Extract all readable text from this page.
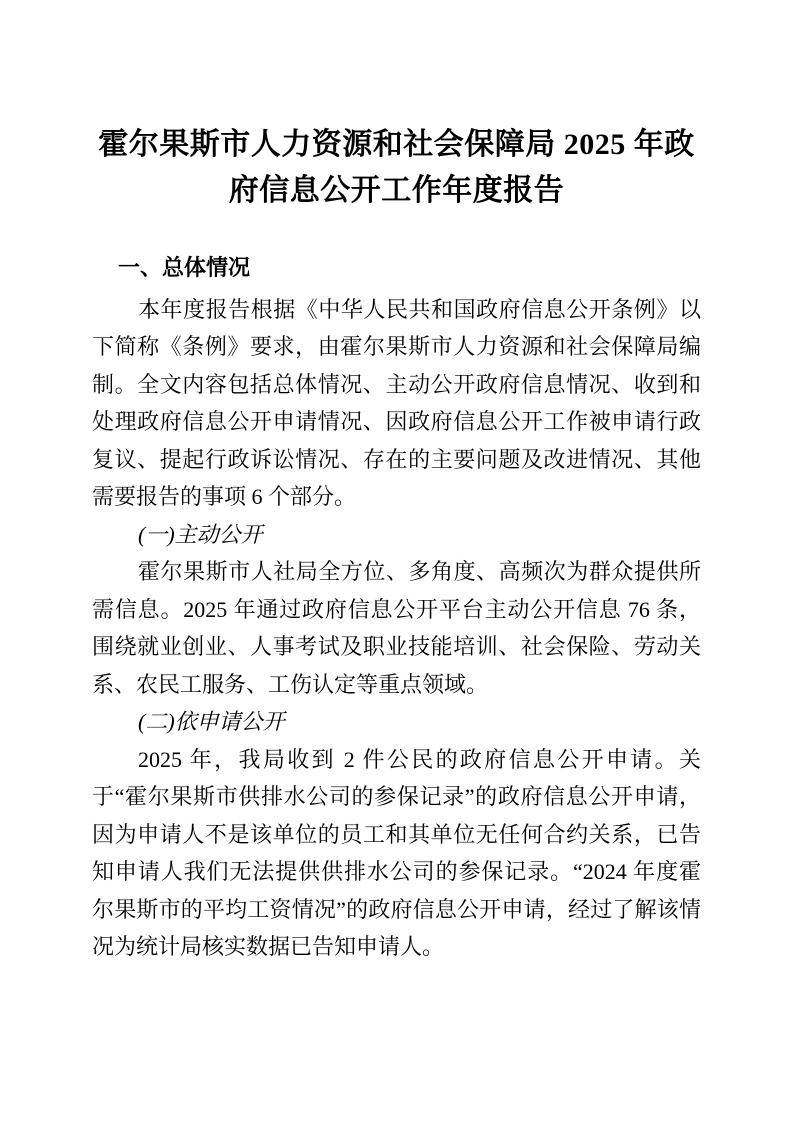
霍尔果斯市人力资源和社会保障局 2025 年政府信息公开工作年度报告
一、总体情况

本年度报告根据《中华人民共和国政府信息公开条例》以下简称《条例》要求，由霍尔果斯市人力资源和社会保障局编制。全文内容包括总体情况、主动公开政府信息情况、收到和处理政府信息公开申请情况、因政府信息公开工作被申请行政复议、提起行政诉讼情况、存在的主要问题及改进情况、其他需要报告的事项 6 个部分。

(一)主动公开

霍尔果斯市人社局全方位、多角度、高频次为群众提供所需信息。2025 年通过政府信息公开平台主动公开信息 76 条，围绕就业创业、人事考试及职业技能培训、社会保险、劳动关系、农民工服务、工伤认定等重点领域。

(二)依申请公开

2025 年，我局收到 2 件公民的政府信息公开申请。关于“霍尔果斯市供排水公司的参保记录”的政府信息公开申请，因为申请人不是该单位的员工和其单位无任何合约关系，已告知申请人我们无法提供供排水公司的参保记录。“2024 年度霍尔果斯市的平均工资情况”的政府信息公开申请，经过了解该情况为统计局核实数据已告知申请人。
